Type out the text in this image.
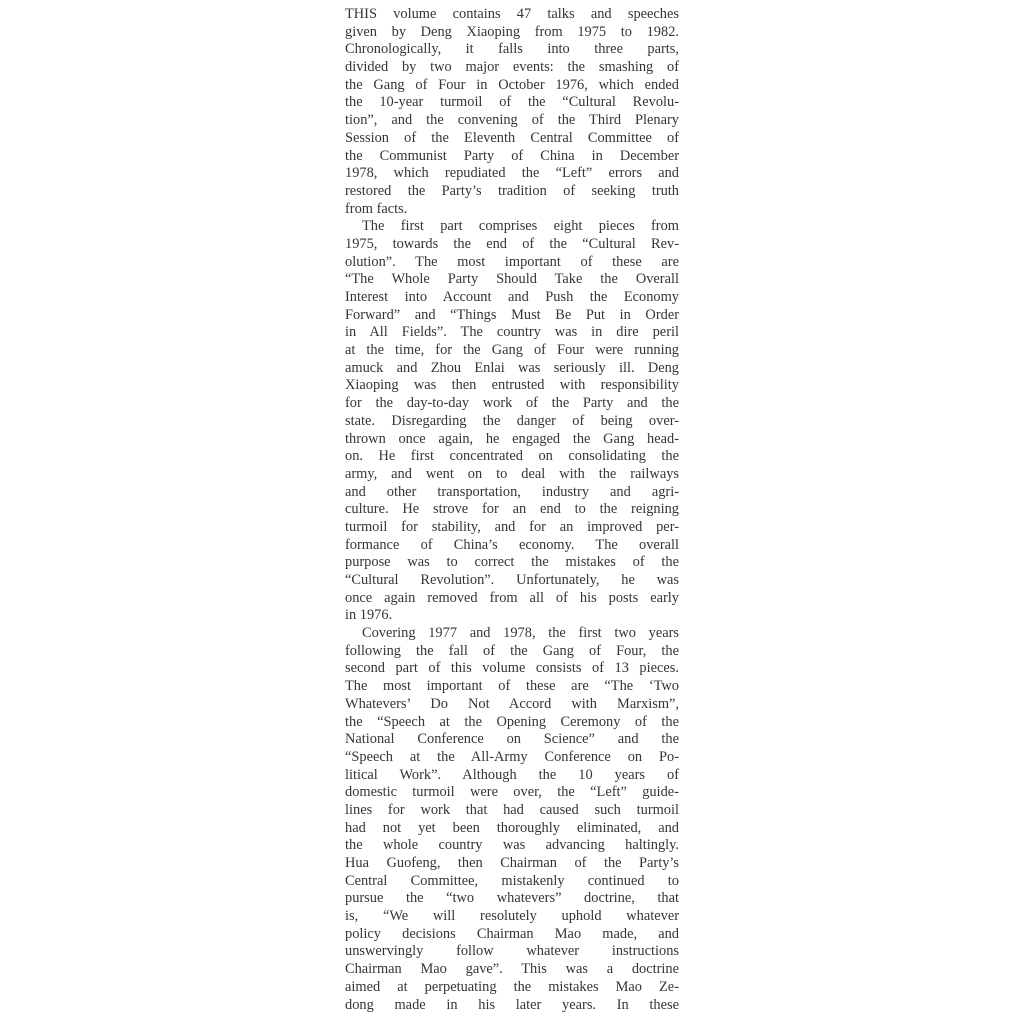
THIS volume contains 47 talks and speeches
given by Deng Xiaoping from 1975 to 1982.
Chronologically, it falls into three parts,
divided by two major events: the smashing of
the Gang of Four in October 1976, which ended
the 10-year turmoil of the “Cultural Revolu-
tion”, and the convening of the Third Plenary
Session of the Eleventh Central Committee of
the Communist Party of China in December
1978, which repudiated the “Left” errors and
restored the Party’s tradition of seeking truth
from facts.
The first part comprises eight pieces from
1975, towards the end of the “Cultural Rev-
olution”. The most important of these are
“The Whole Party Should Take the Overall
Interest into Account and Push the Economy
Forward” and “Things Must Be Put in Order
in All Fields”. The country was in dire peril
at the time, for the Gang of Four were running
amuck and Zhou Enlai was seriously ill. Deng
Xiaoping was then entrusted with responsibility
for the day-to-day work of the Party and the
state. Disregarding the danger of being over-
thrown once again, he engaged the Gang head-
on. He first concentrated on consolidating the
army, and went on to deal with the railways
and other transportation, industry and agri-
culture. He strove for an end to the reigning
turmoil for stability, and for an improved per-
formance of China’s economy. The overall
purpose was to correct the mistakes of the
“Cultural Revolution”. Unfortunately, he was
once again removed from all of his posts early
in 1976.
Covering 1977 and 1978, the first two years
following the fall of the Gang of Four, the
second part of this volume consists of 13 pieces.
The most important of these are “The ‘Two
Whatevers’ Do Not Accord with Marxism”,
the “Speech at the Opening Ceremony of the
National Conference on Science” and the
“Speech at the All-Army Conference on Po-
litical Work”. Although the 10 years of
domestic turmoil were over, the “Left” guide-
lines for work that had caused such turmoil
had not yet been thoroughly eliminated, and
the whole country was advancing haltingly.
Hua Guofeng, then Chairman of the Party’s
Central Committee, mistakenly continued to
pursue the “two whatevers” doctrine, that
is, “We will resolutely uphold whatever
policy decisions Chairman Mao made, and
unswervingly follow whatever instructions
Chairman Mao gave”. This was a doctrine
aimed at perpetuating the mistakes Mao Ze-
dong made in his later years. In these
